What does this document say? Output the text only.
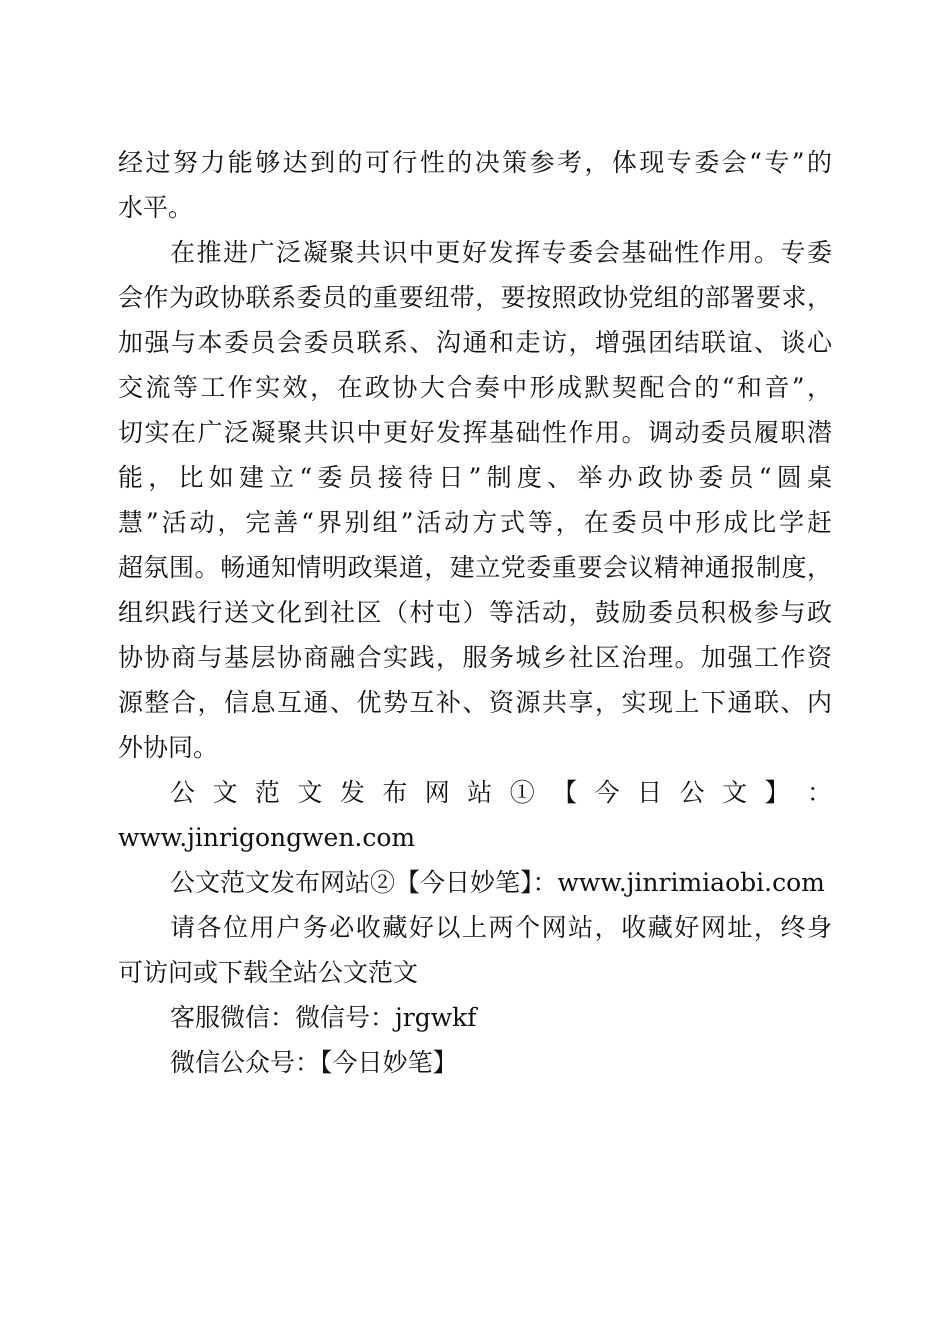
经过努力能够达到的可行性的决策参考，体现专委会“专”的
水平。
在推进广泛凝聚共识中更好发挥专委会基础性作用。专委
会作为政协联系委员的重要纽带，要按照政协党组的部署要求，
加强与本委员会委员联系、沟通和走访，增强团结联谊、谈心
交流等工作实效，在政协大合奏中形成默契配合的“和音”，
切实在广泛凝聚共识中更好发挥基础性作用。调动委员履职潜
能，比如建立“委员接待日”制度、举办政协委员“圆桌
慧”活动，完善“界别组”活动方式等，在委员中形成比学赶
超氛围。畅通知情明政渠道，建立党委重要会议精神通报制度，
组织践行送文化到社区（村屯）等活动，鼓励委员积极参与政
协协商与基层协商融合实践，服务城乡社区治理。加强工作资
源整合，信息互通、优势互补、资源共享，实现上下通联、内
外协同。
公 文 范 文 发 布 网 站 ① 【 今 日 公 文 】 ：
www.jinrigongwen.com
公文范文发布网站②【今日妙笔】：www.jinrimiaobi.com
请各位用户务必收藏好以上两个网站，收藏好网址，终身
可访问或下载全站公文范文
客服微信：微信号：jrgwkf
微信公众号：【今日妙笔】
